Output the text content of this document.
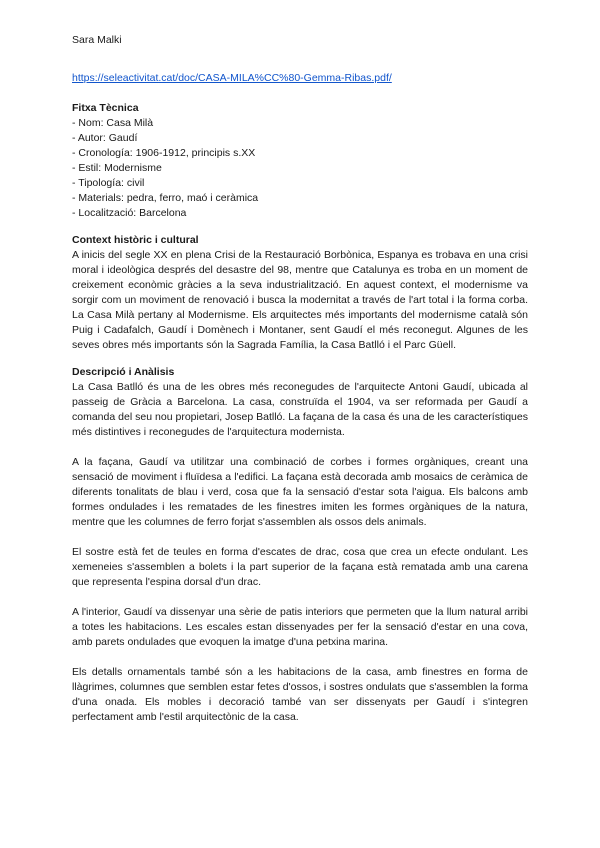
Sara Malki
https://seleactivitat.cat/doc/CASA-MILA%CC%80-Gemma-Ribas.pdf/
Fitxa Tècnica
- Nom: Casa Milà
- Autor: Gaudí
- Cronología: 1906-1912, principis s.XX
- Estil: Modernisme
- Tipología: civil
- Materials: pedra, ferro, maó i ceràmica
- Localització: Barcelona
Context històric i cultural

A inicis del segle XX en plena Crisi de la Restauració Borbònica, Espanya es trobava en una crisi moral i ideològica després del desastre del 98, mentre que Catalunya es troba en un moment de creixement econòmic gràcies a la seva industrialització. En aquest context, el modernisme va sorgir com un moviment de renovació i busca la modernitat a través de l'art total i la forma corba. La Casa Milà pertany al Modernisme. Els arquitectes més importants del modernisme català són Puig i Cadafalch, Gaudí i Domènech i Montaner, sent Gaudí el més reconegut. Algunes de les seves obres més importants són la Sagrada Família, la Casa Batlló i el Parc Güell.

Descripció i Anàlisis

La Casa Batlló és una de les obres més reconegudes de l'arquitecte Antoni Gaudí, ubicada al passeig de Gràcia a Barcelona. La casa, construïda el 1904, va ser reformada per Gaudí a comanda del seu nou propietari, Josep Batlló. La façana de la casa és una de les característiques més distintives i reconegudes de l'arquitectura modernista.

A la façana, Gaudí va utilitzar una combinació de corbes i formes orgàniques, creant una sensació de moviment i fluïdesa a l'edifici. La façana està decorada amb mosaics de ceràmica de diferents tonalitats de blau i verd, cosa que fa la sensació d'estar sota l'aigua. Els balcons amb formes ondulades i les rematades de les finestres imiten les formes orgàniques de la natura, mentre que les columnes de ferro forjat s'assemblen als ossos dels animals.

El sostre està fet de teules en forma d'escates de drac, cosa que crea un efecte ondulant. Les xemeneies s'assemblen a bolets i la part superior de la façana està rematada amb una carena que representa l'espina dorsal d'un drac.

A l'interior, Gaudí va dissenyar una sèrie de patis interiors que permeten que la llum natural arribi a totes les habitacions. Les escales estan dissenyades per fer la sensació d'estar en una cova, amb parets ondulades que evoquen la imatge d'una petxina marina.

Els detalls ornamentals també són a les habitacions de la casa, amb finestres en forma de llàgrimes, columnes que semblen estar fetes d'ossos, i sostres ondulats que s'assemblen la forma d'una onada. Els mobles i decoració també van ser dissenyats per Gaudí i s'integren perfectament amb l'estil arquitectònic de la casa.
